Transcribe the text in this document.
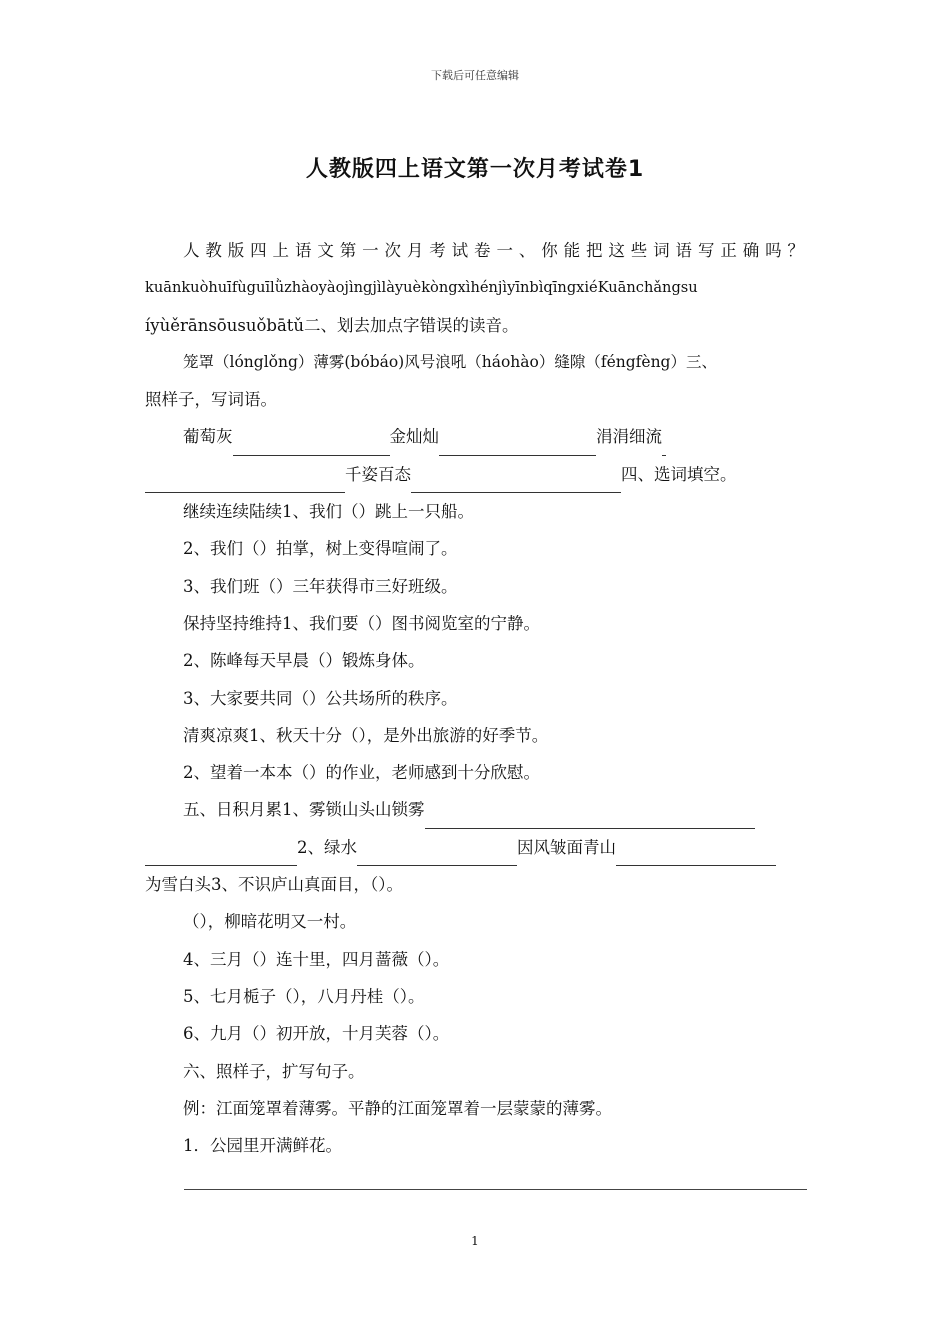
下载后可任意编辑
人教版四上语文第一次月考试卷1
人教版四上语文第一次月考试卷一、你能把这些词语写正确吗？
kuānkuòhuīfùguīlǜzhàoyàojìngjìlàyuèkòngxìhénjìyīnbìqīngxiéKuānchǎngsu
íyùěrānsōusuǒbātǔ二、划去加点字错误的读音。
笼罩（lónglǒng）薄雾(bóbáo)风号浪吼（háohào）缝隙（féngfèng）三、
照样子，写词语。
葡萄灰	金灿灿	涓涓细流
千姿百态	四、选词填空。
继续连续陆续1、我们（）跳上一只船。
2、我们（）拍掌，树上变得喧闹了。
3、我们班（）三年获得市三好班级。
保持坚持维持1、我们要（）图书阅览室的宁静。
2、陈峰每天早晨（）锻炼身体。
3、大家要共同（）公共场所的秩序。
清爽凉爽1、秋天十分（），是外出旅游的好季节。
2、望着一本本（）的作业，老师感到十分欣慰。
五、日积月累1、雾锁山头山锁雾
2、绿水	因风皱面青山
为雪白头3、不识庐山真面目，（）。
（），柳暗花明又一村。
4、三月（）连十里，四月蔷薇（）。
5、七月栀子（），八月丹桂（）。
6、九月（）初开放，十月芙蓉（）。
六、照样子，扩写句子。
例：江面笼罩着薄雾。平静的江面笼罩着一层蒙蒙的薄雾。
1．公园里开满鲜花。
1
